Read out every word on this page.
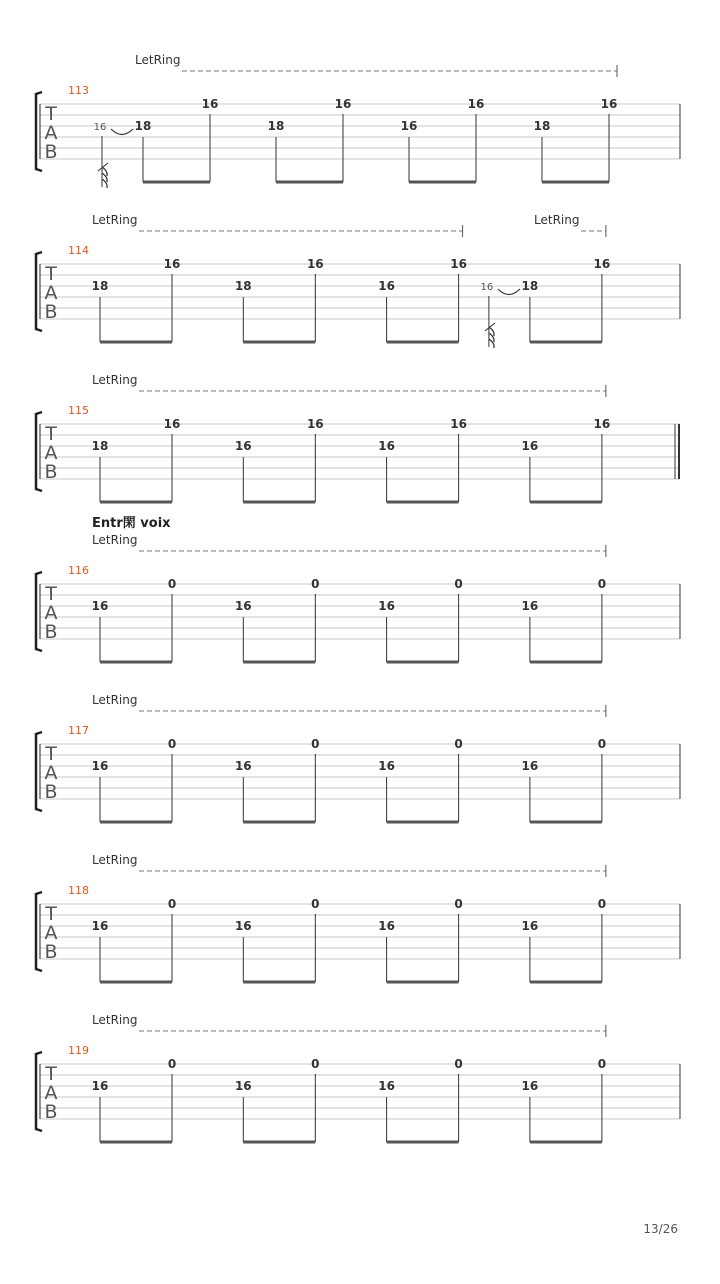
T
A
B
113
LetRing
18
16
16	18
16
16
16
18
16
T
A
B
114
LetRing	LetRing
18
16
18
16
16
16
18
16
16
T
A
B
115
LetRing
18
16
16
16
16
16
16
16
T
A
B
116
Entr閑 voix
LetRing
16
0
16
0
16
0
16
0
T
A
B
117
LetRing
16
0
16
0
16
0
16
0
T
A
B
118
LetRing
16
0
16
0
16
0
16
0
T
A
B
119
LetRing
16
0
16
0
16
0
16
0
13/26
